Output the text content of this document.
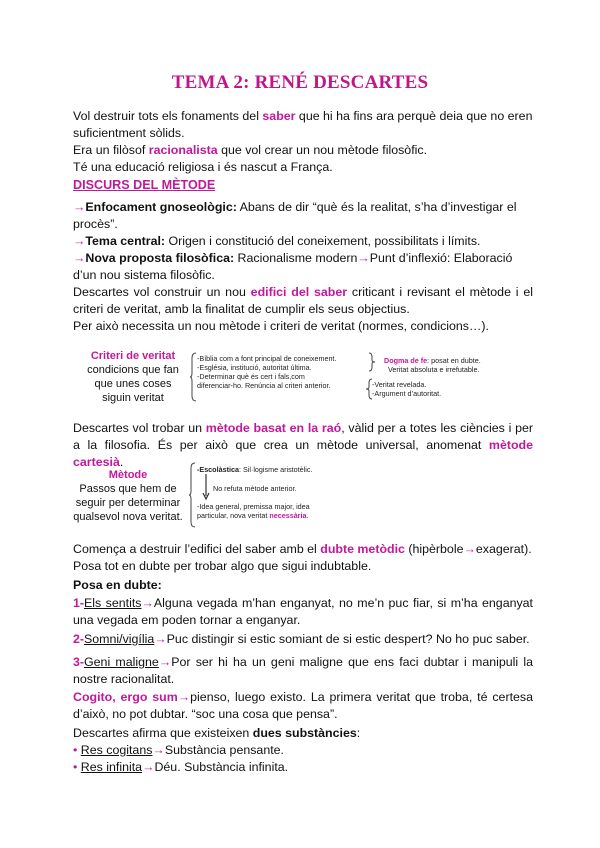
TEMA 2: RENÉ DESCARTES

Vol destruir tots els fonaments del saber que hi ha fins ara perquè deia que no eren suficientment sòlids.
Era un filòsof racionalista que vol crear un nou mètode filosòfic.
Té una educació religiosa i és nascut a França.

DISCURS DEL MÈTODE

→Enfocament gnoseològic: Abans de dir “què és la realitat, s’ha d’investigar el procès”.
→Tema central: Origen i constitució del coneixement, possibilitats i límits.
→Nova proposta filosòfica: Racionalisme modern→Punt d’inflexió: Elaboració d’un nou sistema filosòfic.

Descartes vol construir un nou edifici del saber criticant i revisant el mètode i el criteri de veritat, amb la finalitat de cumplir els seus objectius.
Per això necessita un nou mètode i criteri de veritat (normes, condicions…).

Criteri de veritat
condicions que fan que unes coses siguin veritat
-Bíblia com a font principal de coneixement.
-Església, institució, autoritat última.
-Determinar què és cert i fals,com
diferenciar-ho. Renúncia al criteri anterior.
Dogma de fe: posat en dubte.
Veritat absoluta e irrefutable.
-Veritat revelada.
-Argument d’autoritat.

Descartes vol trobar un mètode basat en la raó, vàlid per a totes les ciències i per a la filosofia. És per això que crea un mètode universal, anomenat mètode cartesià.

Mètode
Passos que hem de seguir per determinar qualsevol nova veritat.
-Escolàstica: Sil·logisme aristotèlic.
No refuta mètode anterior.
-Idea general, premissa major, idea
particular, nova veritat necessària.

Comença a destruir l’edifici del saber amb el dubte metòdic (hipèrbole→exagerat).
Posa tot en dubte per trobar algo que sigui indubtable.

Posa en dubte:

1-Els sentits→Alguna vegada m’han enganyat, no me’n puc fiar, si m’ha enganyat una vegada em poden tornar a enganyar.

2-Somni/vigília→Puc distingir si estic somiant de si estic despert? No ho puc saber.

3-Geni maligne→Por ser hi ha un geni maligne que ens faci dubtar i manipuli la nostre racionalitat.

Cogito, ergo sum→pienso, luego existo. La primera veritat que troba, té certesa d’això, no pot dubtar. “soc una cosa que pensa”.

Descartes afirma que existeixen dues substàncies:
• Res cogitans→Substància pensante.
• Res infinita→Déu. Substància infinita.
